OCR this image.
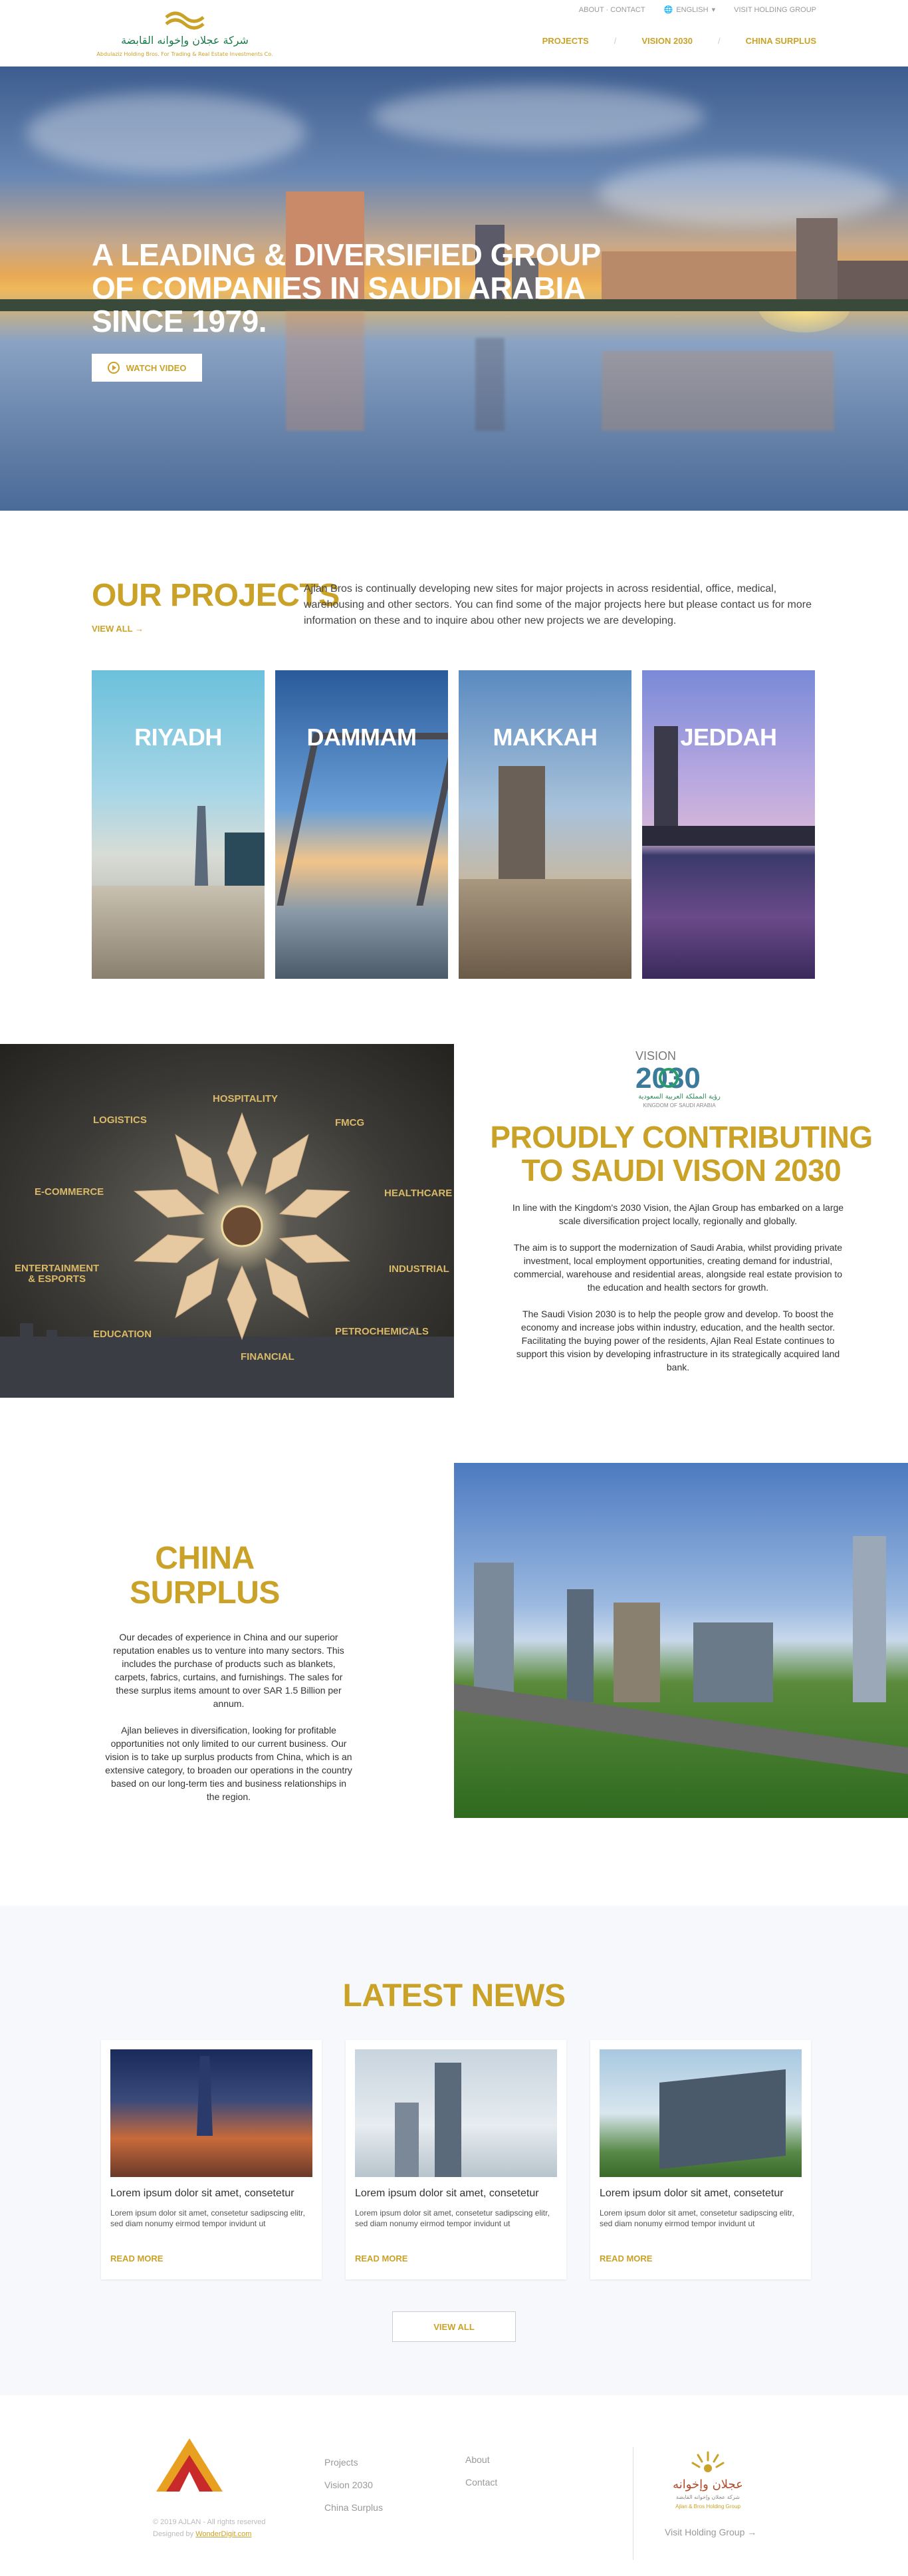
شركة عجلان وإخوانه القابضة
Abdulaziz Holding Bros. For Trading & Real Estate Investments Co.
ABOUT · CONTACT	🌐 ENGLISH ▾	VISIT HOLDING GROUP
PROJECTS	/	VISION 2030	/	CHINA SURPLUS
A LEADING & DIVERSIFIED GROUP
OF COMPANIES IN SAUDI ARABIA
SINCE 1979.
WATCH VIDEO
OUR PROJECTS
VIEW ALL →
Ajlan Bros is continually developing new sites for major projects in across residential, office, medical, warehousing and other sectors. You can find some of the major projects here but please contact us for more information on these and to inquire abou other new projects we are developing.
RIYADH	DAMMAM	MAKKAH	JEDDAH
HOSPITALITY
FMCG
HEALTHCARE
INDUSTRIAL
PETROCHEMICALS
FINANCIAL
EDUCATION
ENTERTAINMENT
& ESPORTS
E-COMMERCE
LOGISTICS
VISION
2030
رؤية المملكة العربية السعودية
KINGDOM OF SAUDI ARABIA
PROUDLY CONTRIBUTING
TO SAUDI VISON 2030

In line with the Kingdom's 2030 Vision, the Ajlan Group has embarked on a large scale diversification project locally, regionally and globally.

The aim is to support the modernization of Saudi Arabia, whilst providing private investment, local employment opportunities, creating demand for industrial, commercial, warehouse and residential areas, alongside real estate provision to the education and health sectors for growth.

The Saudi Vision 2030 is to help the people grow and develop. To boost the economy and increase jobs within industry, education, and the health sector. Facilitating the buying power of the residents, Ajlan Real Estate continues to support this vision by developing infrastructure in its strategically acquired land bank.

CHINA
SURPLUS

Our decades of experience in China and our superior reputation enables us to venture into many sectors. This includes the purchase of products such as blankets, carpets, fabrics, curtains, and furnishings. The sales for these surplus items amount to over SAR 1.5 Billion per annum.

Ajlan believes in diversification, looking for profitable opportunities not only limited to our current business. Our vision is to take up surplus products from China, which is an extensive category, to broaden our operations in the country based on our long-term ties and business relationships in the region.

LATEST NEWS
Lorem ipsum dolor sit amet, consetetur
Lorem ipsum dolor sit amet, consetetur sadipscing elitr, sed diam nonumy eirmod tempor invidunt ut
READ MORE
Lorem ipsum dolor sit amet, consetetur
Lorem ipsum dolor sit amet, consetetur sadipscing elitr, sed diam nonumy eirmod tempor invidunt ut
READ MORE
Lorem ipsum dolor sit amet, consetetur
Lorem ipsum dolor sit amet, consetetur sadipscing elitr, sed diam nonumy eirmod tempor invidunt ut
READ MORE
VIEW ALL
© 2019 AJLAN - All rights reserved
Designed by WonderDigit.com
Projects
Vision 2030
China Surplus
About
Contact	عجلان وإخوانه
شركة عجلان وإخوانه القابضة
Ajlan & Bros Holding Group
Visit Holding Group →
